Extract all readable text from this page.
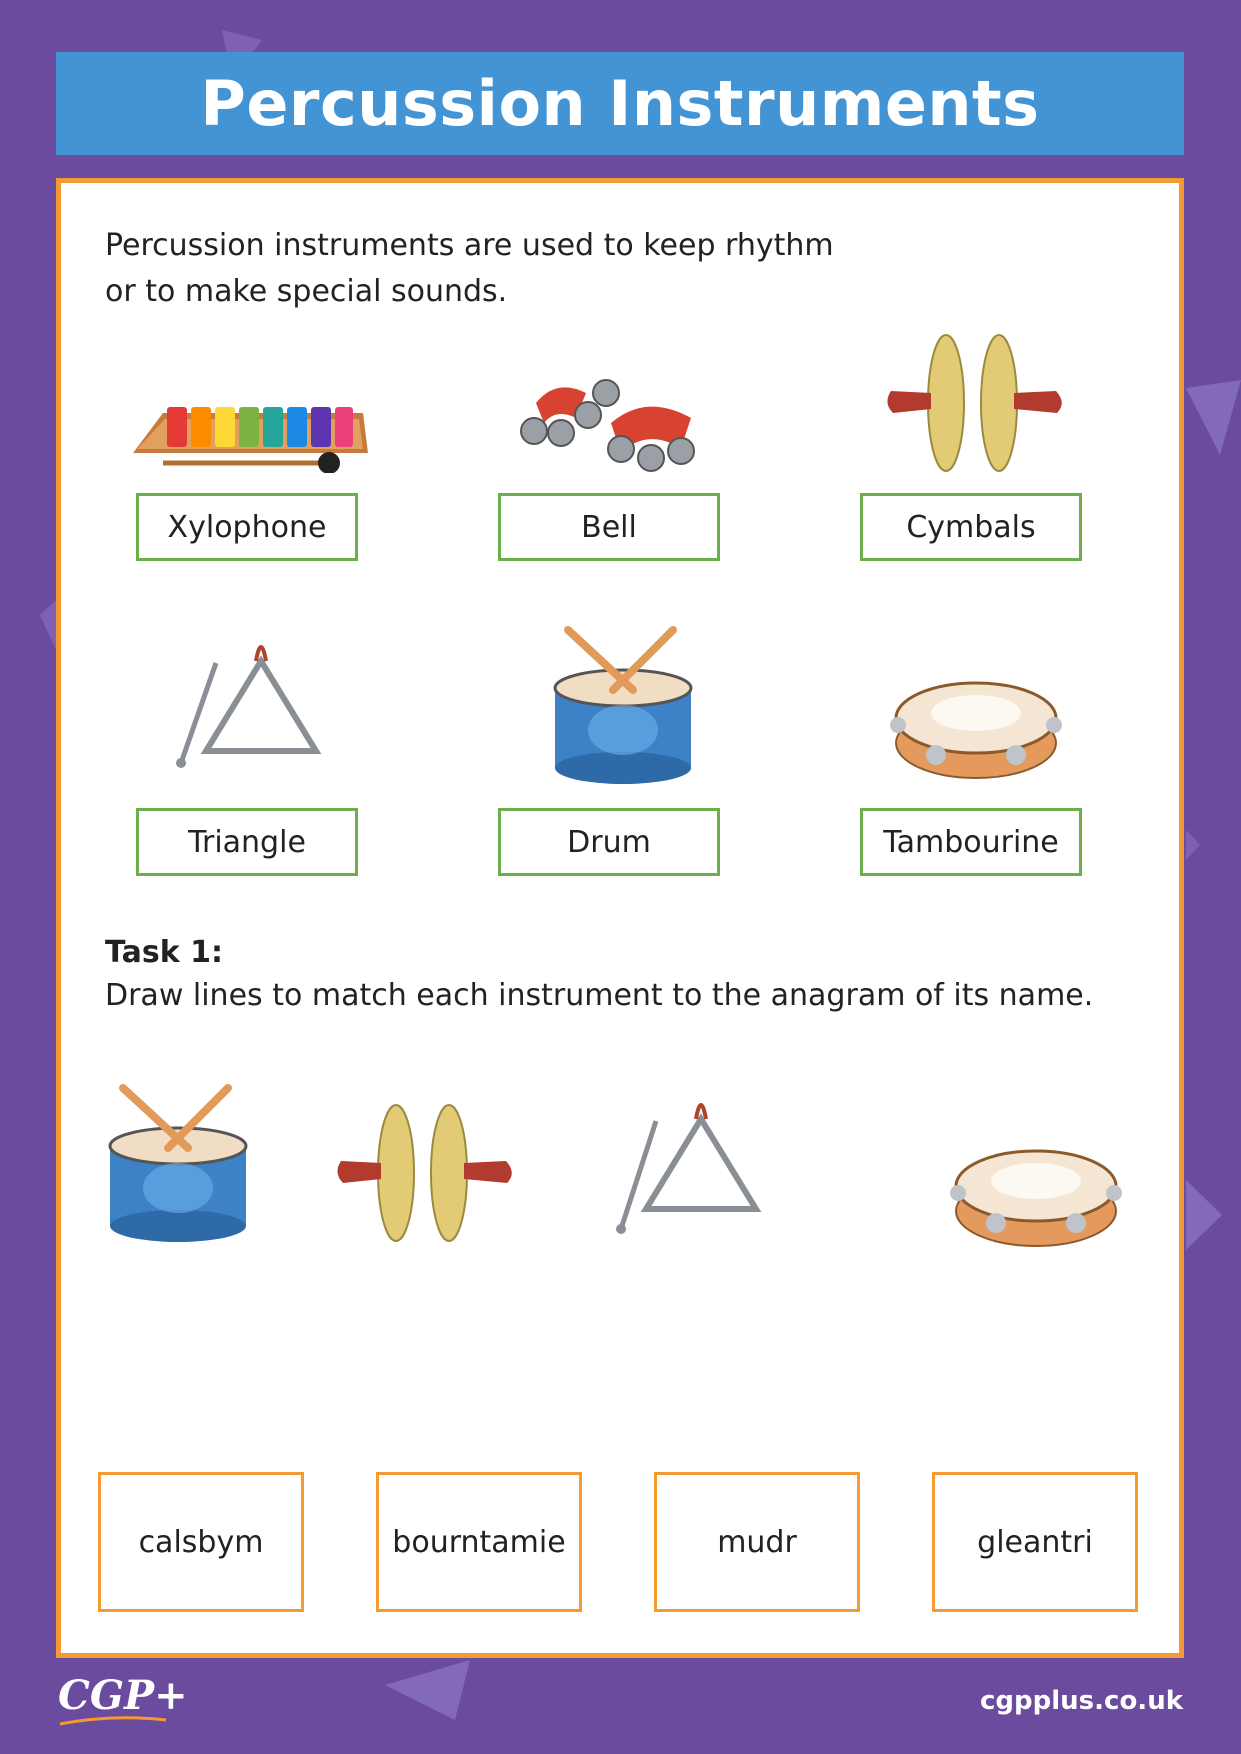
Percussion Instruments
Percussion instruments are used to keep rhythm
or to make special sounds.
Xylophone	Bell	Cymbals
Triangle	Drum	Tambourine
Task 1:
Draw lines to match each instrument to the anagram of its name.
calsbym	bourntamie	mudr	gleantri
CGP+	cgpplus.co.uk
